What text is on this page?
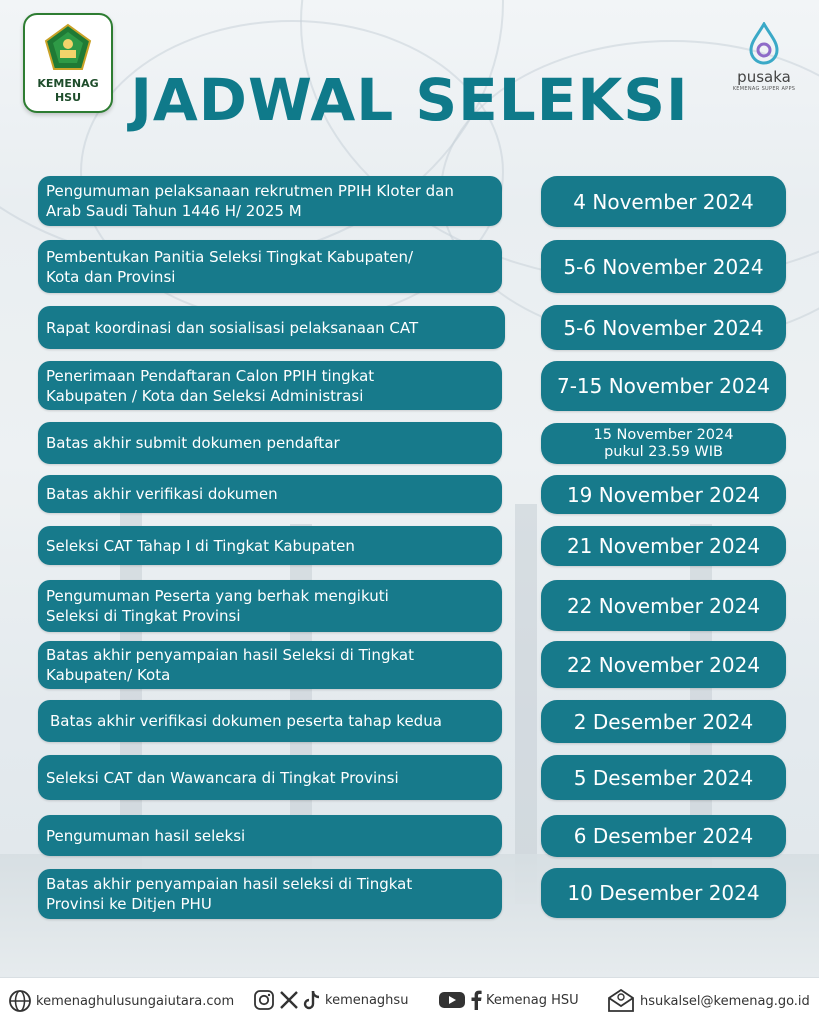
KEMENAG
HSU JADWAL SELEKSI	pusaka
KEMENAG SUPER APPS
Pengumuman pelaksanaan rekrutmen PPIH Kloter dan
Arab Saudi Tahun 1446 H/ 2025 M	4 November 2024
Pembentukan Panitia Seleksi Tingkat Kabupaten/
Kota dan Provinsi	5-6 November 2024
Rapat koordinasi dan sosialisasi pelaksanaan CAT	5-6 November 2024
Penerimaan Pendaftaran Calon PPIH tingkat
Kabupaten / Kota dan Seleksi Administrasi	7-15 November 2024
Batas akhir submit dokumen pendaftar	15 November 2024
pukul 23.59 WIB
Batas akhir verifikasi dokumen	19 November 2024
Seleksi CAT Tahap I di Tingkat Kabupaten	21 November 2024
Pengumuman Peserta yang berhak mengikuti
Seleksi di Tingkat Provinsi	22 November 2024
Batas akhir penyampaian hasil Seleksi di Tingkat
Kabupaten/ Kota	22 November 2024
Batas akhir verifikasi dokumen peserta tahap kedua	2 Desember 2024
Seleksi CAT dan Wawancara di Tingkat Provinsi	5 Desember 2024
Pengumuman hasil seleksi	6 Desember 2024
Batas akhir penyampaian hasil seleksi di Tingkat
Provinsi ke Ditjen PHU	10 Desember 2024
kemenaghulusungaiutara.com	kemenaghsu	Kemenag HSU	hsukalsel@kemenag.go.id
